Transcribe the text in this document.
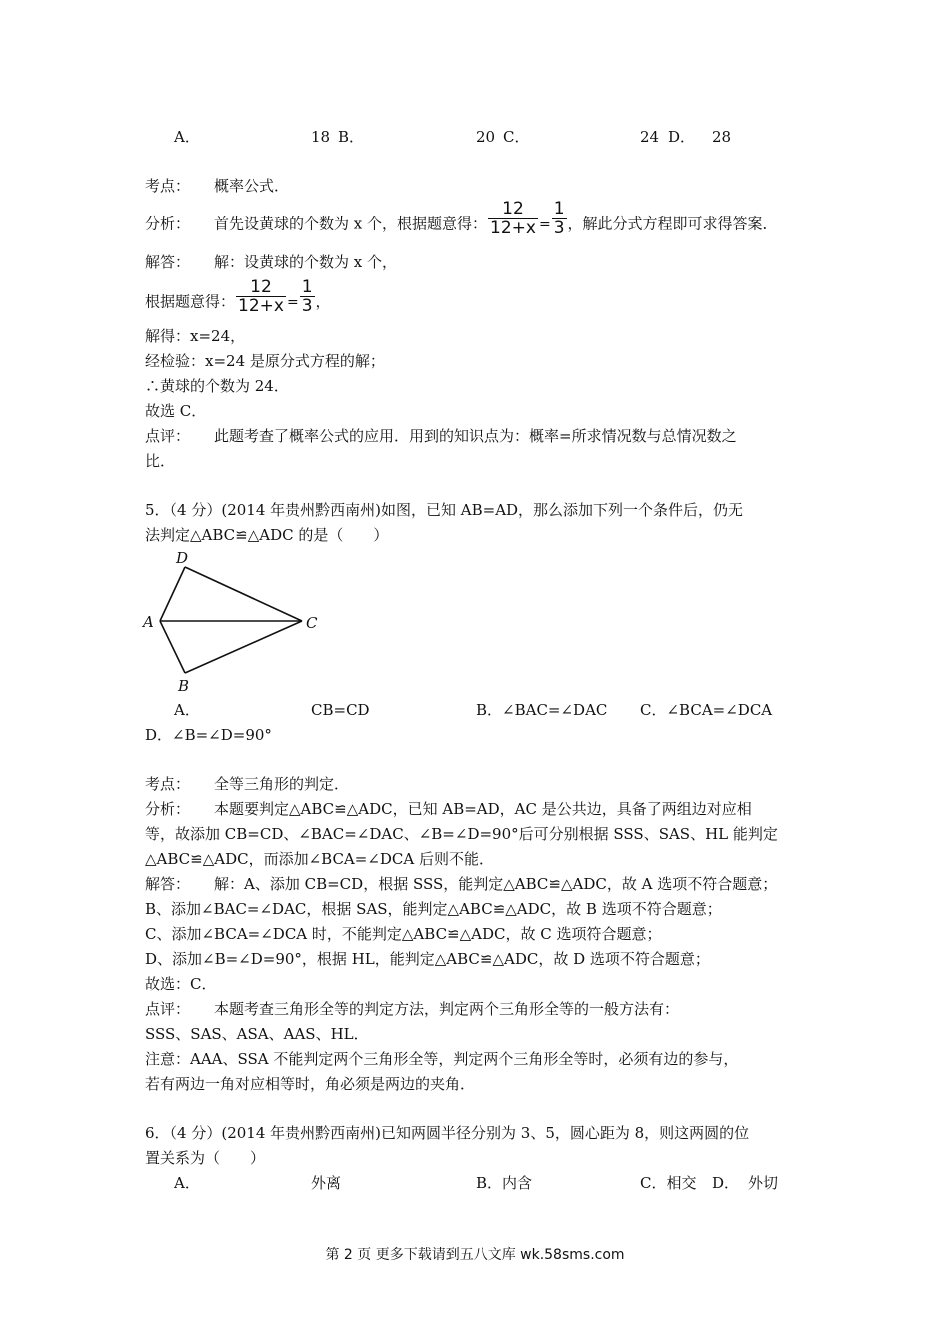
A．	18 B．	20 C．	24 D． 28
考点： 概率公式．
分析： 首先设黄球的个数为 x 个，根据题意得： $\frac{12}{12+x} = \frac{1}{3}$ ，解此分式方程即可求得答案．
解答： 解：设黄球的个数为 x 个，
根据题意得： $\frac{12}{12+x} = \frac{1}{3}$ ，
解得：x=24，
经检验：x=24 是原分式方程的解；
∴黄球的个数为 24．
故选 C．
点评： 此题考查了概率公式的应用．用到的知识点为：概率=所求情况数与总情况数之
比．
5．（4 分）(2014 年贵州黔西南州)如图，已知 AB=AD，那么添加下列一个条件后，仍无
法判定△ABC≌△ADC 的是（　　）
D
A	C
B
A．	CB=CD	B．∠BAC=∠DAC C．∠BCA=∠DCA
D．∠B=∠D=90°
考点： 全等三角形的判定．
分析： 本题要判定△ABC≌△ADC，已知 AB=AD，AC 是公共边，具备了两组边对应相
等，故添加 CB=CD、∠BAC=∠DAC、∠B=∠D=90°后可分别根据 SSS、SAS、HL 能判定
△ABC≌△ADC，而添加∠BCA=∠DCA 后则不能．
解答： 解：A、添加 CB=CD，根据 SSS，能判定△ABC≌△ADC，故 A 选项不符合题意；
B、添加∠BAC=∠DAC，根据 SAS，能判定△ABC≌△ADC，故 B 选项不符合题意；
C、添加∠BCA=∠DCA 时，不能判定△ABC≌△ADC，故 C 选项符合题意；
D、添加∠B=∠D=90°，根据 HL，能判定△ABC≌△ADC，故 D 选项不符合题意；
故选：C．
点评： 本题考查三角形全等的判定方法，判定两个三角形全等的一般方法有：
SSS、SAS、ASA、AAS、HL．
注意：AAA、SSA 不能判定两个三角形全等，判定两个三角形全等时，必须有边的参与，
若有两边一角对应相等时，角必须是两边的夹角．
6．（4 分）(2014 年贵州黔西南州)已知两圆半径分别为 3、5，圆心距为 8，则这两圆的位
置关系为（　　）
A．	外离	B．内含	C．相交 D． 外切
第 2 页 更多下载请到五八文库 wk.58sms.com
